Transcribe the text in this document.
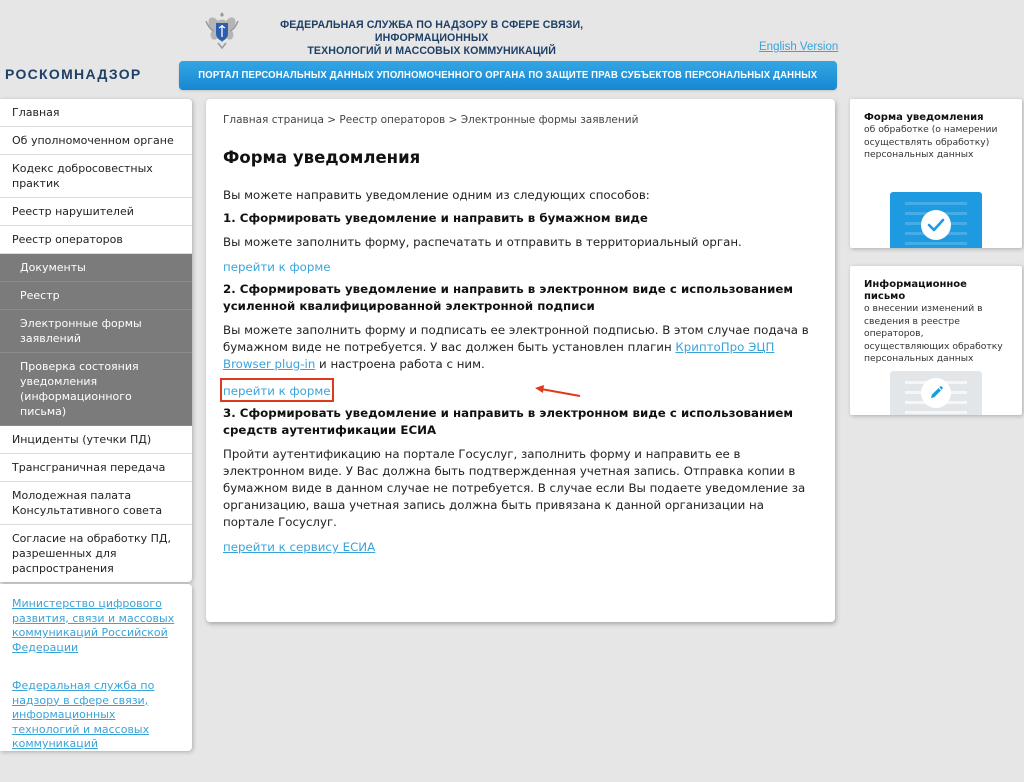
ФЕДЕРАЛЬНАЯ СЛУЖБА ПО НАДЗОРУ В СФЕРЕ СВЯЗИ, ИНФОРМАЦИОННЫХ
ТЕХНОЛОГИЙ И МАССОВЫХ КОММУНИКАЦИЙ	English Version
РОСКОМНАДЗОР	ПОРТАЛ ПЕРСОНАЛЬНЫХ ДАННЫХ УПОЛНОМОЧЕННОГО ОРГАНА ПО ЗАЩИТЕ ПРАВ СУБЪЕКТОВ ПЕРСОНАЛЬНЫХ ДАННЫХ
Главная
Об уполномоченном органе
Кодекс добросовестных практик
Реестр нарушителей
Реестр операторов
Документы
Реестр
Электронные формы заявлений
Проверка состояния уведомления (информационного письма)
Инциденты (утечки ПД)
Трансграничная передача
Молодежная палата Консультативного совета
Согласие на обработку ПД, разрешенных для распространения
Министерство цифрового развития, связи и массовых коммуникаций Российской Федерации
Федеральная служба по надзору в сфере связи, информационных технологий и массовых коммуникаций
Главная страница > Реестр операторов > Электронные формы заявлений
Форма уведомления

Вы можете направить уведомление одним из следующих способов:

1. Сформировать уведомление и направить в бумажном виде

Вы можете заполнить форму, распечатать и отправить в территориальный орган.

перейти к форме

2. Сформировать уведомление и направить в электронном виде с использованием усиленной квалифицированной электронной подписи

Вы можете заполнить форму и подписать ее электронной подписью. В этом случае подача в бумажном виде не потребуется. У вас должен быть установлен плагин КриптоПро ЭЦП Browser plug-in и настроена работа с ним.

перейти к форме

3. Сформировать уведомление и направить в электронном виде с использованием средств аутентификации ЕСИА

Пройти аутентификацию на портале Госуслуг, заполнить форму и направить ее в электронном виде. У Вас должна быть подтвержденная учетная запись. Отправка копии в бумажном виде в данном случае не потребуется. В случае если Вы подаете уведомление за организацию, ваша учетная запись должна быть привязана к данной организации на портале Госуслуг.

перейти к сервису ЕСИА
Форма уведомления
об обработке (о намерении осуществлять обработку) персональных данных
Информационное письмо
о внесении изменений в сведения в реестре операторов, осуществляющих обработку персональных данных
